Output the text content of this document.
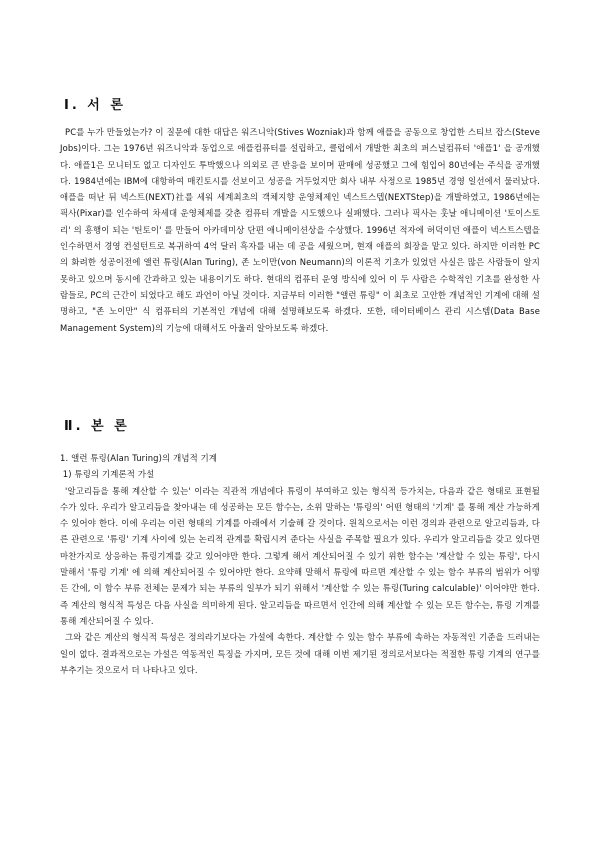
Ⅰ. 서 론

PC를 누가 만들었는가? 이 질문에 대한 대답은 워즈니악(Stives Wozniak)과 함께 애플을 공동으로 창업한 스티브 잡스(Steve Jobs)이다. 그는 1976년 워즈니악과 동업으로 애플컴퓨터를 설립하고, 클럽에서 개발한 최초의 퍼스널컴퓨터 '애플1' 을 공개했다. 애플1은 모니터도 없고 디자인도 투박했으나 의외로 큰 반응을 보이며 판매에 성공했고 그에 힘입어 80년에는 주식을 공개했다. 1984년에는 IBM에 대항하여 매킨토시를 선보이고 성공을 거두었지만 회사 내부 사정으로 1985년 경영 일선에서 물러났다. 애플을 떠난 뒤 넥스트(NEXT)社를 세워 세계최초의 객체지향 운영체제인 넥스트스텝(NEXTStep)을 개발하였고, 1986년에는 픽사(Pixar)를 인수하여 차세대 운영체제를 갖춘 컴퓨터 개발을 시도했으나 실패했다. 그러나 픽사는 훗날 애니메이션 '토이스토리' 의 흥행이 되는 '틴토이' 를 만들어 아카데미상 단편 애니메이션상을 수상했다. 1996년 적자에 허덕이던 애플이 넥스트스텝을 인수하면서 경영 컨설턴트로 복귀하여 4억 달러 흑자를 내는 데 공을 세웠으며, 현재 애플의 회장을 맡고 있다. 하지만 이러한 PC의 화려한 성공이전에 앨런 튜링(Alan Turing), 존 노이만(von Neumann)의 이론적 기초가 있었던 사실은 많은 사람들이 알지 못하고 있으며 동시에 간과하고 있는 내용이기도 하다. 현대의 컴퓨터 운영 방식에 있어 이 두 사람은 수학적인 기초를 완성한 사람들로, PC의 근간이 되었다고 해도 과언이 아닐 것이다. 지금부터 이러한 "앨런 튜링" 이 최초로 고안한 개념적인 기계에 대해 설명하고, "존 노이만" 식 컴퓨터의 기본적인 개념에 대해 설명해보도록 하겠다. 또한, 데이터베이스 관리 시스템(Data Base Management System)의 기능에 대해서도 아울러 알아보도록 하겠다.

Ⅱ. 본 론

1. 앨런 튜링(Alan Turing)의 개념적 기계

1) 튜링의 기계론적 가설

'알고리듬을 통해 계산할 수 있는' 이라는 직관적 개념에다 튜링이 부여하고 있는 형식적 등가치는, 다음과 같은 형태로 표현될 수가 있다. 우리가 알고리듬을 찾아내는 데 성공하는 모든 함수는, 소위 말하는 '튜링의' 어떤 형태의 '기계' 를 통해 계산 가능하게 수 있어야 한다. 이에 우리는 이런 형태의 기계를 아래에서 기술해 갈 것이다. 원칙으로서는 이런 경의과 관련으로 알고리듬과, 다른 관련으로 '튜링' 기계 사이에 있는 논리적 관계를 확립시켜 준다는 사실을 주목할 필요가 있다. 우리가 알고리듬을 갖고 있다면 마찬가지로 상응하는 튜링기계를 갖고 있어야만 한다. 그렇게 해서 계산되어질 수 있기 위한 함수는 '계산할 수 있는 튜링', 다시 말해서 '튜링 기계' 에 의해 계산되어질 수 있어야만 한다. 요약해 말해서 튜링에 따르면 계산할 수 있는 함수 부류의 범위가 어떻든 간에, 이 함수 부류 전체는 문제가 되는 부류의 일부가 되기 위해서 '계산할 수 있는 튜링(Turing calculable)' 이어야만 한다. 즉 계산의 형식적 특성은 다음 사실을 의미하게 된다. 알고리듬을 따르면서 인간에 의해 계산할 수 있는 모든 함수는, 튜링 기계를 통해 계산되어질 수 있다.

그와 같은 계산의 형식적 특성은 정의라기보다는 가설에 속한다. 계산할 수 있는 함수 부류에 속하는 자동적인 기준을 드러내는 일이 없다. 결과적으로는 가설은 역동적인 특징을 가지며, 모든 것에 대해 이번 제기된 정의로서보다는 적절한 튜링 기계의 연구를 부추기는 것으로서 더 나타나고 있다.
